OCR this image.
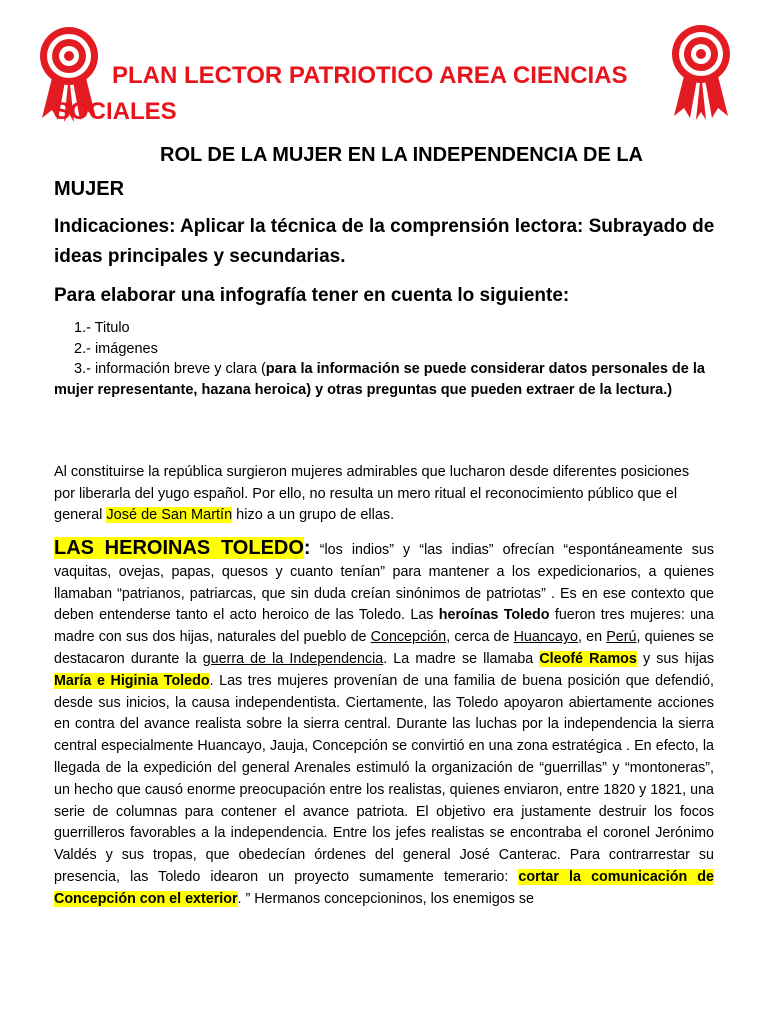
PLAN LECTOR PATRIOTICO AREA CIENCIAS SOCIALES
ROL DE LA MUJER EN LA INDEPENDENCIA DE LA MUJER

Indicaciones: Aplicar la técnica de la comprensión lectora: Subrayado de ideas principales y secundarias.

Para elaborar una infografía tener en cuenta lo siguiente:

1.- Titulo
2.- imágenes
3.- información breve y clara (para la información se puede considerar datos personales de la mujer representante, hazana heroica) y otras preguntas que pueden extraer de la lectura.)

Al constituirse la república surgieron mujeres admirables que lucharon desde diferentes posiciones por liberarla del yugo español. Por ello, no resulta un mero ritual el reconocimiento público que el general José de San Martín hizo a un grupo de ellas.

LAS HEROINAS TOLEDO: “los indios” y “las indias” ofrecían “espontáneamente sus vaquitas, ovejas, papas, quesos y cuanto tenían” para mantener a los expedicionarios, a quienes llamaban “patrianos, patriarcas, que sin duda creían sinónimos de patriotas” . Es en ese contexto que deben entenderse tanto el acto heroico de las Toledo. Las heroínas Toledo fueron tres mujeres: una madre con sus dos hijas, naturales del pueblo de Concepción, cerca de Huancayo, en Perú, quienes se destacaron durante la guerra de la Independencia. La madre se llamaba Cleofé Ramos y sus hijas María e Higinia Toledo. Las tres mujeres provenían de una familia de buena posición que defendió, desde sus inicios, la causa independentista. Ciertamente, las Toledo apoyaron abiertamente acciones en contra del avance realista sobre la sierra central. Durante las luchas por la independencia la sierra central especialmente Huancayo, Jauja, Concepción se convirtió en una zona estratégica . En efecto, la llegada de la expedición del general Arenales estimuló la organización de “guerrillas” y “montoneras”, un hecho que causó enorme preocupación entre los realistas, quienes enviaron, entre 1820 y 1821, una serie de columnas para contener el avance patriota. El objetivo era justamente destruir los focos guerrilleros favorables a la independencia. Entre los jefes realistas se encontraba el coronel Jerónimo Valdés y sus tropas, que obedecían órdenes del general José Canterac. Para contrarrestar su presencia, las Toledo idearon un proyecto sumamente temerario: cortar la comunicación de Concepción con el exterior. ” Hermanos concepcioninos, los enemigos se
